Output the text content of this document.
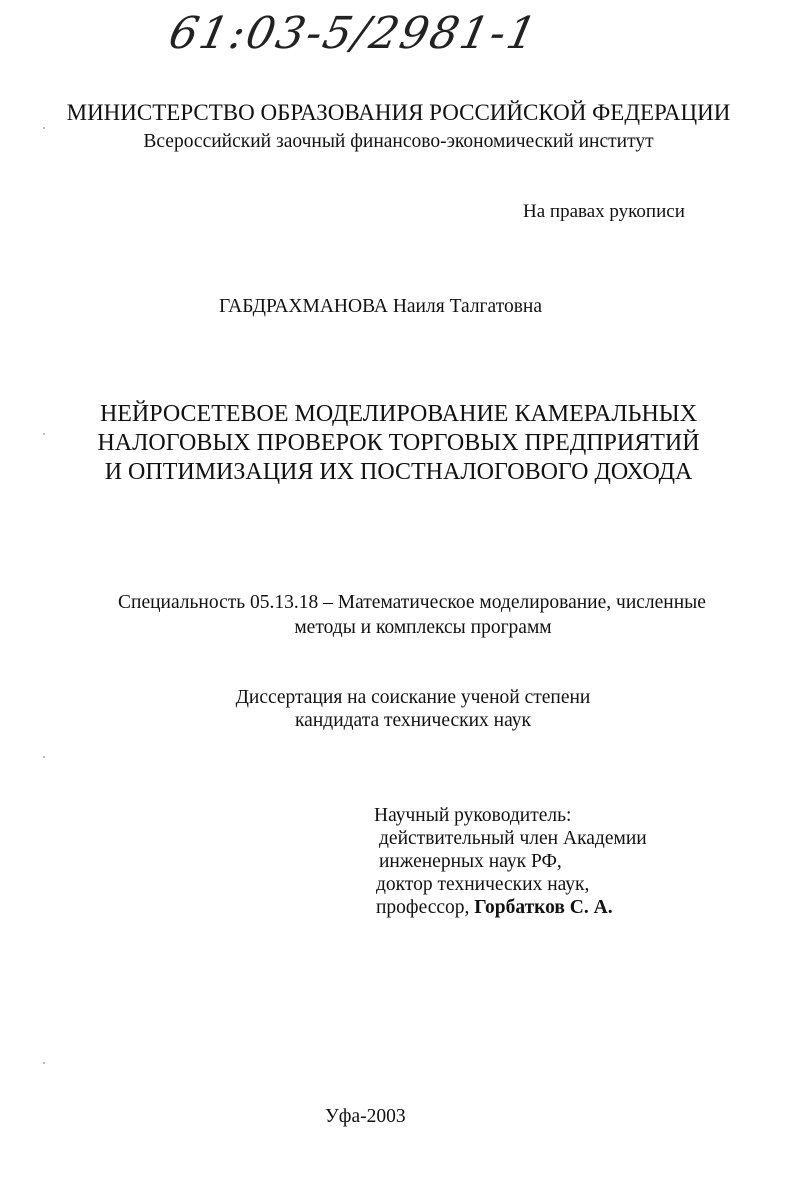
61:03-5/2981-1
МИНИСТЕРСТВО ОБРАЗОВАНИЯ РОССИЙСКОЙ ФЕДЕРАЦИИ
Всероссийский заочный финансово-экономический институт
На правах рукописи
ГАБДРАХМАНОВА Наиля Талгатовна
НЕЙРОСЕТЕВОЕ МОДЕЛИРОВАНИЕ КАМЕРАЛЬНЫХ
НАЛОГОВЫХ ПРОВЕРОК ТОРГОВЫХ ПРЕДПРИЯТИЙ
И ОПТИМИЗАЦИЯ ИХ ПОСТНАЛОГОВОГО ДОХОДА
Специальность 05.13.18 – Математическое моделирование, численные
методы и комплексы программ
Диссертация на соискание ученой степени
кандидата технических наук
Научный руководитель:
действительный член Академии
инженерных наук РФ,
доктор технических наук,
профессор, Горбатков С. А.
Уфа-2003
